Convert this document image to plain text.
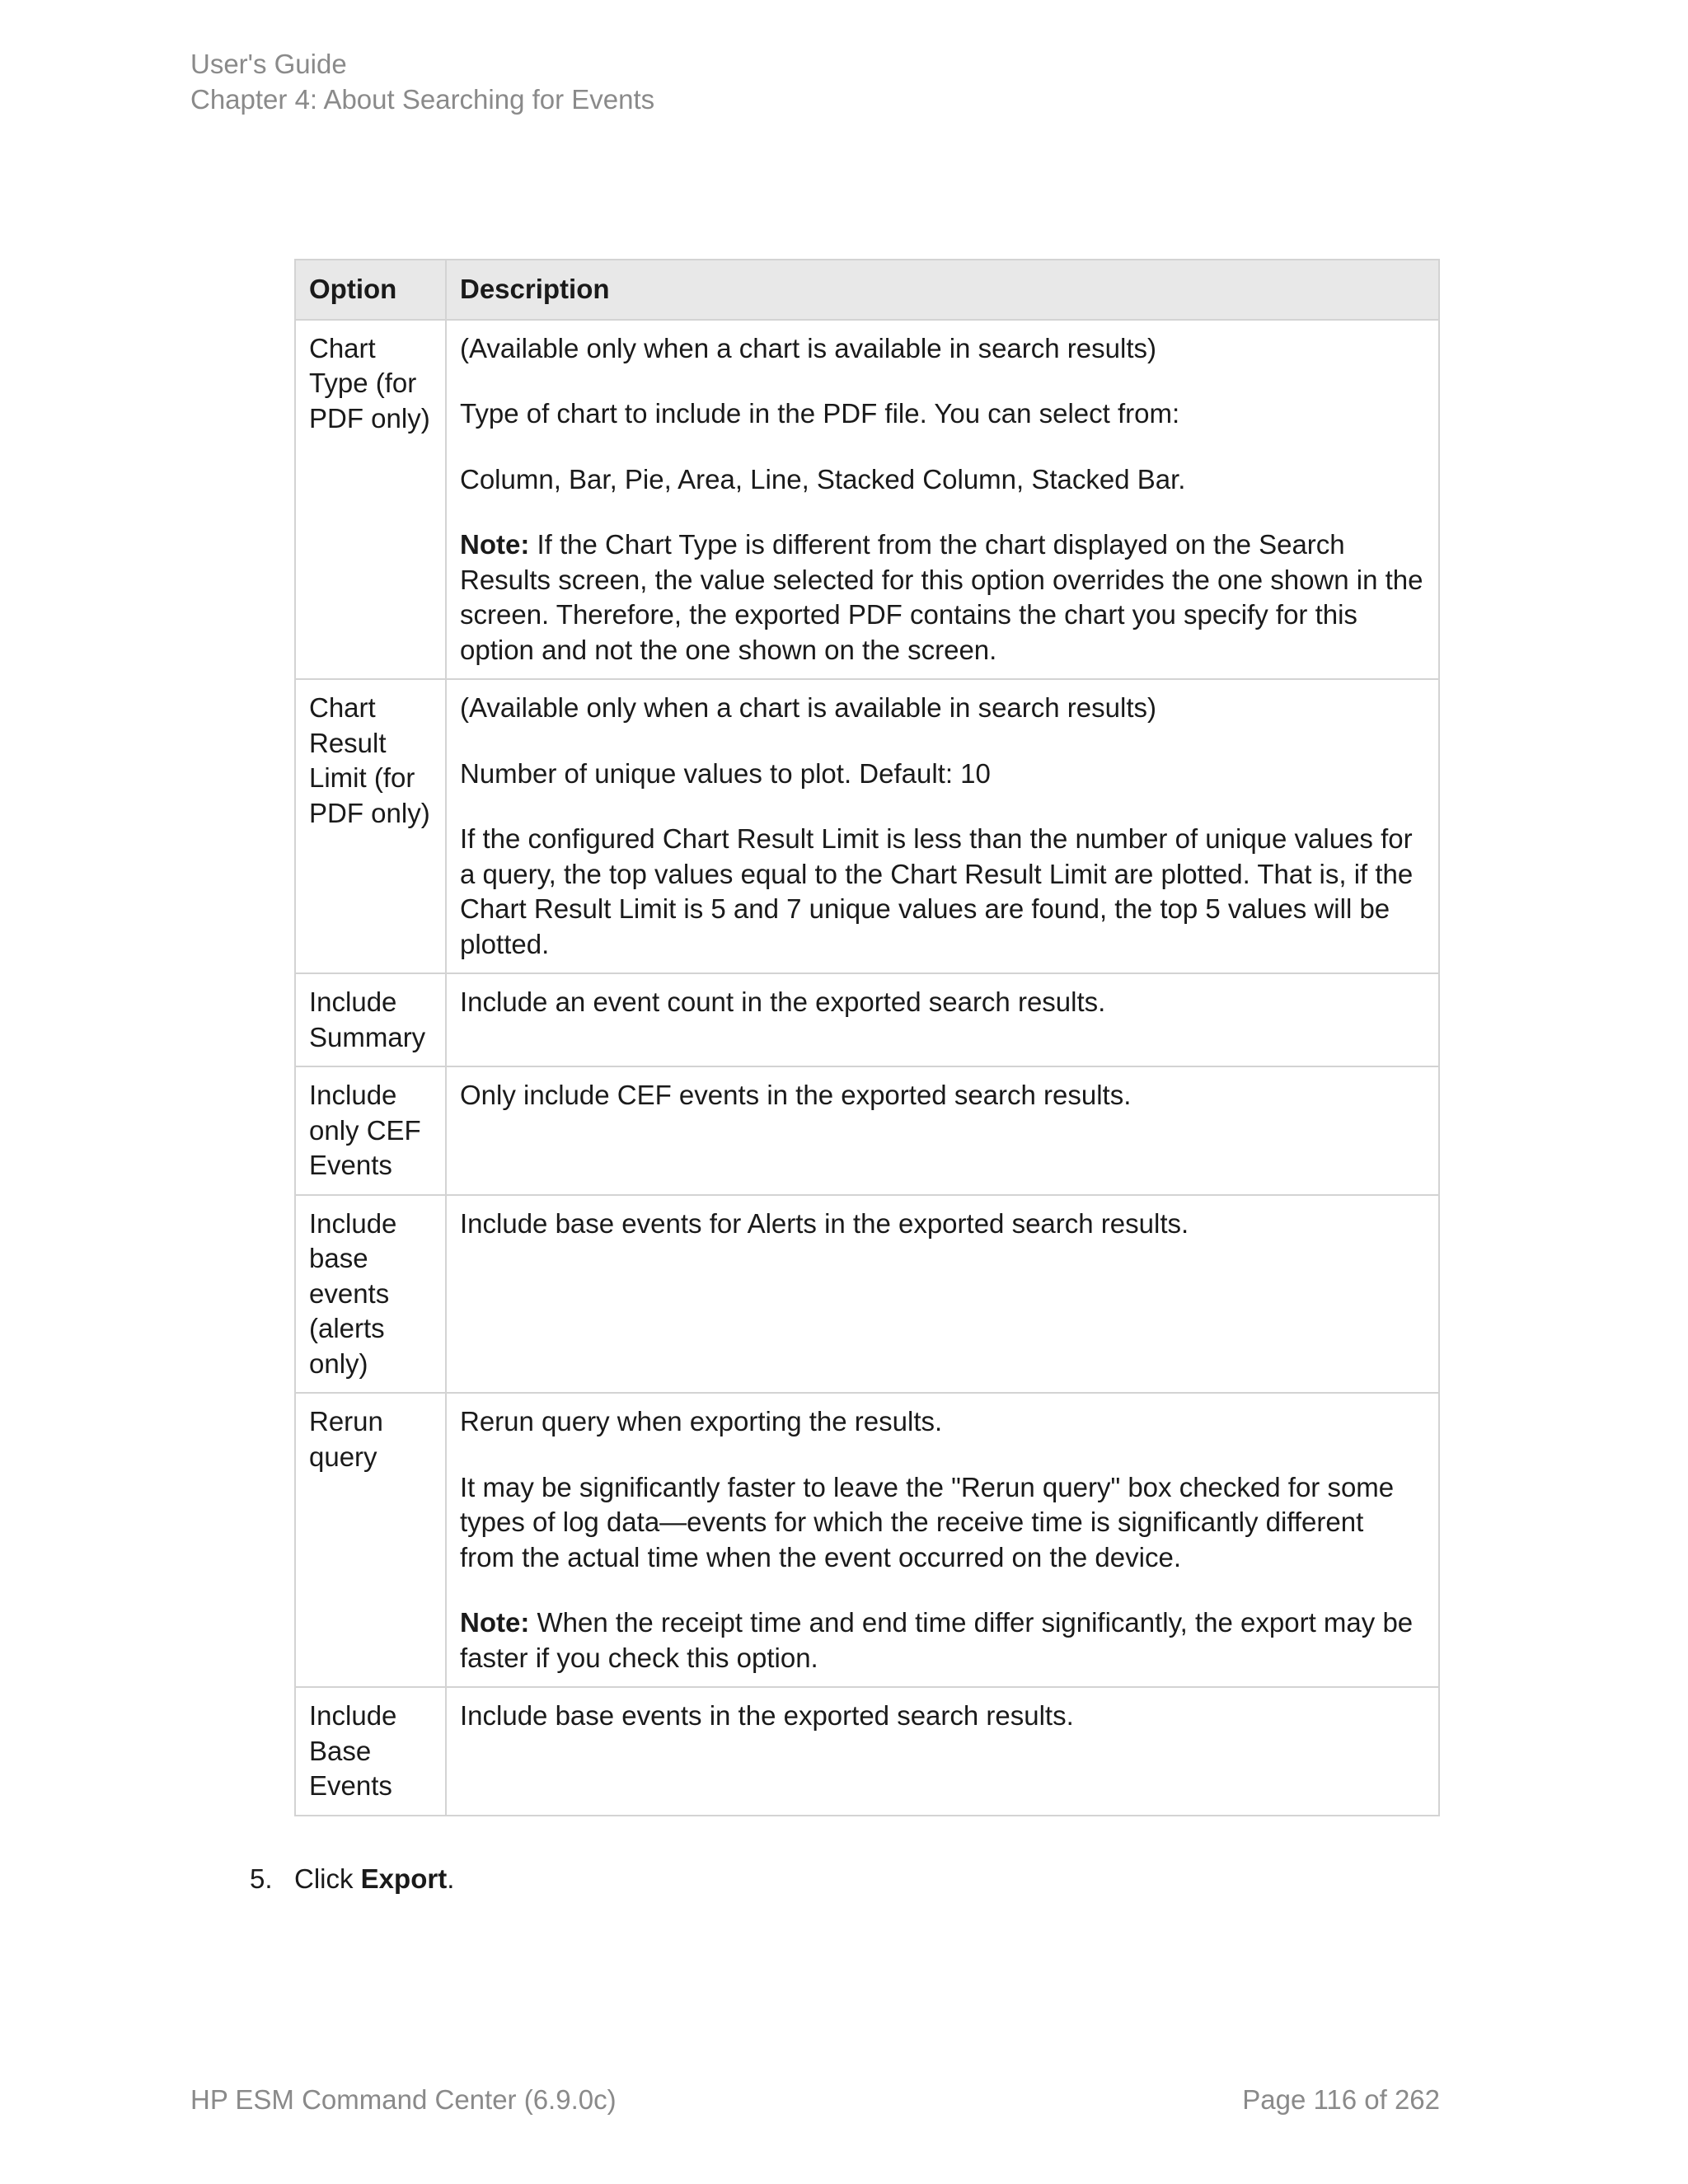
User's Guide
Chapter 4: About Searching for Events
Option	Description
Chart Type (for PDF only)	(Available only when a chart is available in search results)

Type of chart to include in the PDF file. You can select from:

Column, Bar, Pie, Area, Line, Stacked Column, Stacked Bar.

Note: If the Chart Type is different from the chart displayed on the Search Results screen, the value selected for this option overrides the one shown in the screen. Therefore, the exported PDF contains the chart you specify for this option and not the one shown on the screen.

Chart Result Limit (for PDF only)	(Available only when a chart is available in search results)

Number of unique values to plot. Default: 10

If the configured Chart Result Limit is less than the number of unique values for a query, the top values equal to the Chart Result Limit are plotted. That is, if the Chart Result Limit is 5 and 7 unique values are found, the top 5 values will be plotted.

Include Summary	Include an event count in the exported search results.

Include only CEF Events	Only include CEF events in the exported search results.

Include base events (alerts only)	Include base events for Alerts in the exported search results.

Rerun query	Rerun query when exporting the results.

It may be significantly faster to leave the "Rerun query" box checked for some types of log data—events for which the receive time is significantly different from the actual time when the event occurred on the device.

Note: When the receipt time and end time differ significantly, the export may be faster if you check this option.

Include Base Events	Include base events in the exported search results.

5. Click Export.
HP ESM Command Center (6.9.0c)	Page 116 of 262
